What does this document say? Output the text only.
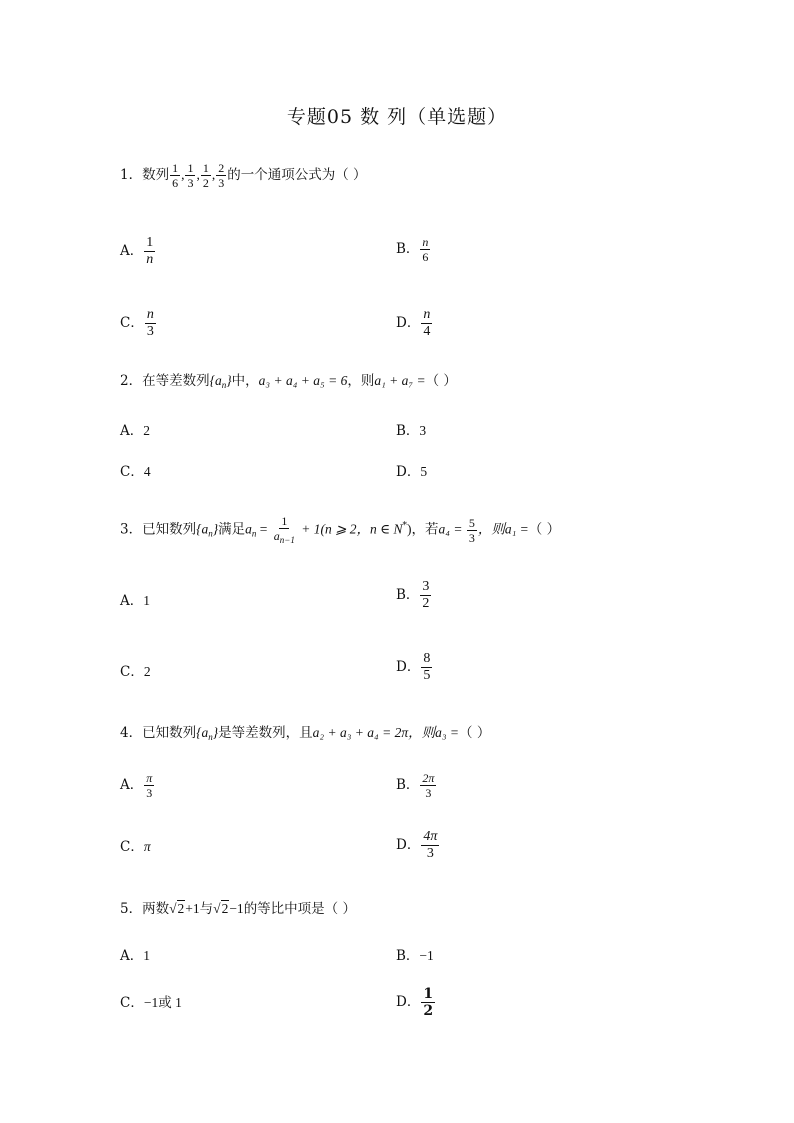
专题05 数 列（单选题）
1．数列 $\frac{1}{6}$ , $\frac{1}{3}$ , $\frac{1}{2}$ , $\frac{2}{3}$ 的一个通项公式为（ ）
A． $\frac{1}{n}$	B． $\frac{n}{6}$
C． $\frac{n}{3}$	D． $\frac{n}{4}$
2．在等差数列$\{a_n\}$中，a₃ + a₄ + a₅ = 6，则a₁ + a₇ =（ ）
A．2	B．3
C．4	D．5
3．已知数列$\{a_n\}$满足$a_n = \frac{1}{a_{n-1}} + 1(n$ ⩾ 2，n ∈ N*)，若$a_4 = \frac{5}{3}$ ，则a₁ =（ ）
A．1	B． $\frac{3}{2}$
C．2	D． $\frac{8}{5}$
4．已知数列$\{a_n\}$是等差数列，且a₂ + a₃ + a₄ = 2π，则a₃ =（ ）
A． $\frac{\pi}{3}$	B． $\frac{2\pi}{3}$
C．π	D． $\frac{4\pi}{3}$
5．两数√2+1与√2−1的等比中项是（ ）
A．1	B．−1
C．−1或 1	D． $\frac{1}{2}$
